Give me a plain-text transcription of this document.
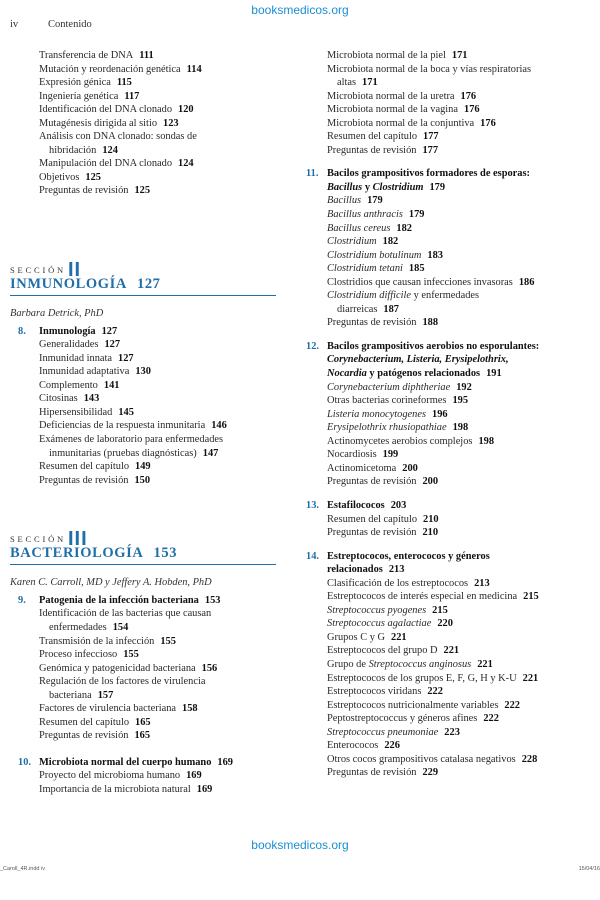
booksmedicos.org
iv	Contenido
Transferencia de DNA 111
Mutación y reordenación genética 114
Expresión génica 115
Ingeniería genética 117
Identificación del DNA clonado 120
Mutagénesis dirigida al sitio 123
Análisis con DNA clonado: sondas de
hibridación 124
Manipulación del DNA clonado 124
Objetivos 125
Preguntas de revisión 125
SECCIÓN II
INMUNOLOGÍA 127
Barbara Detrick, PhD
8. Inmunología 127
Generalidades 127
Inmunidad innata 127
Inmunidad adaptativa 130
Complemento 141
Citosinas 143
Hipersensibilidad 145
Deficiencias de la respuesta inmunitaria 146
Exámenes de laboratorio para enfermedades
inmunitarias (pruebas diagnósticas) 147
Resumen del capítulo 149
Preguntas de revisión 150
SECCIÓN III
BACTERIOLOGÍA 153
Karen C. Carroll, MD y Jeffery A. Hobden, PhD
9. Patogenia de la infección bacteriana 153
Identificación de las bacterias que causan
enfermedades 154
Transmisión de la infección 155
Proceso infeccioso 155
Genómica y patogenicidad bacteriana 156
Regulación de los factores de virulencia
bacteriana 157
Factores de virulencia bacteriana 158
Resumen del capítulo 165
Preguntas de revisión 165
10. Microbiota normal del cuerpo humano 169
Proyecto del microbioma humano 169
Importancia de la microbiota natural 169
Microbiota normal de la piel 171
Microbiota normal de la boca y vías respiratorias
altas 171
Microbiota normal de la uretra 176
Microbiota normal de la vagina 176
Microbiota normal de la conjuntiva 176
Resumen del capítulo 177
Preguntas de revisión 177
11. Bacilos grampositivos formadores de esporas:
Bacillus y Clostridium 179
Bacillus 179
Bacillus anthracis 179
Bacillus cereus 182
Clostridium 182
Clostridium botulinum 183
Clostridium tetani 185
Clostridios que causan infecciones invasoras 186
Clostridium difficile y enfermedades
diarreicas 187
Preguntas de revisión 188
12. Bacilos grampositivos aerobios no esporulantes:
Corynebacterium, Listeria, Erysipelothrix,
Nocardia y patógenos relacionados 191
Corynebacterium diphtheriae 192
Otras bacterias corineformes 195
Listeria monocytogenes 196
Erysipelothrix rhusiopathiae 198
Actinomycetes aerobios complejos 198
Nocardiosis 199
Actinomicetoma 200
Preguntas de revisión 200
13. Estafilococos 203
Resumen del capítulo 210
Preguntas de revisión 210
14. Estreptococos, enterococos y géneros
relacionados 213
Clasificación de los estreptococos 213
Estreptococos de interés especial en medicina 215
Streptococcus pyogenes 215
Streptococcus agalactiae 220
Grupos C y G 221
Estreptococos del grupo D 221
Grupo de Streptococcus anginosus 221
Estreptococos de los grupos E, F, G, H y K-U 221
Estreptococos viridans 222
Estreptococos nutricionalmente variables 222
Peptostreptococcus y géneros afines 222
Streptococcus pneumoniae 223
Enterococos 226
Otros cocos grampositivos catalasa negativos 228
Preguntas de revisión 229
booksmedicos.org
_Caroll_4R.indd iv	15/04/16
